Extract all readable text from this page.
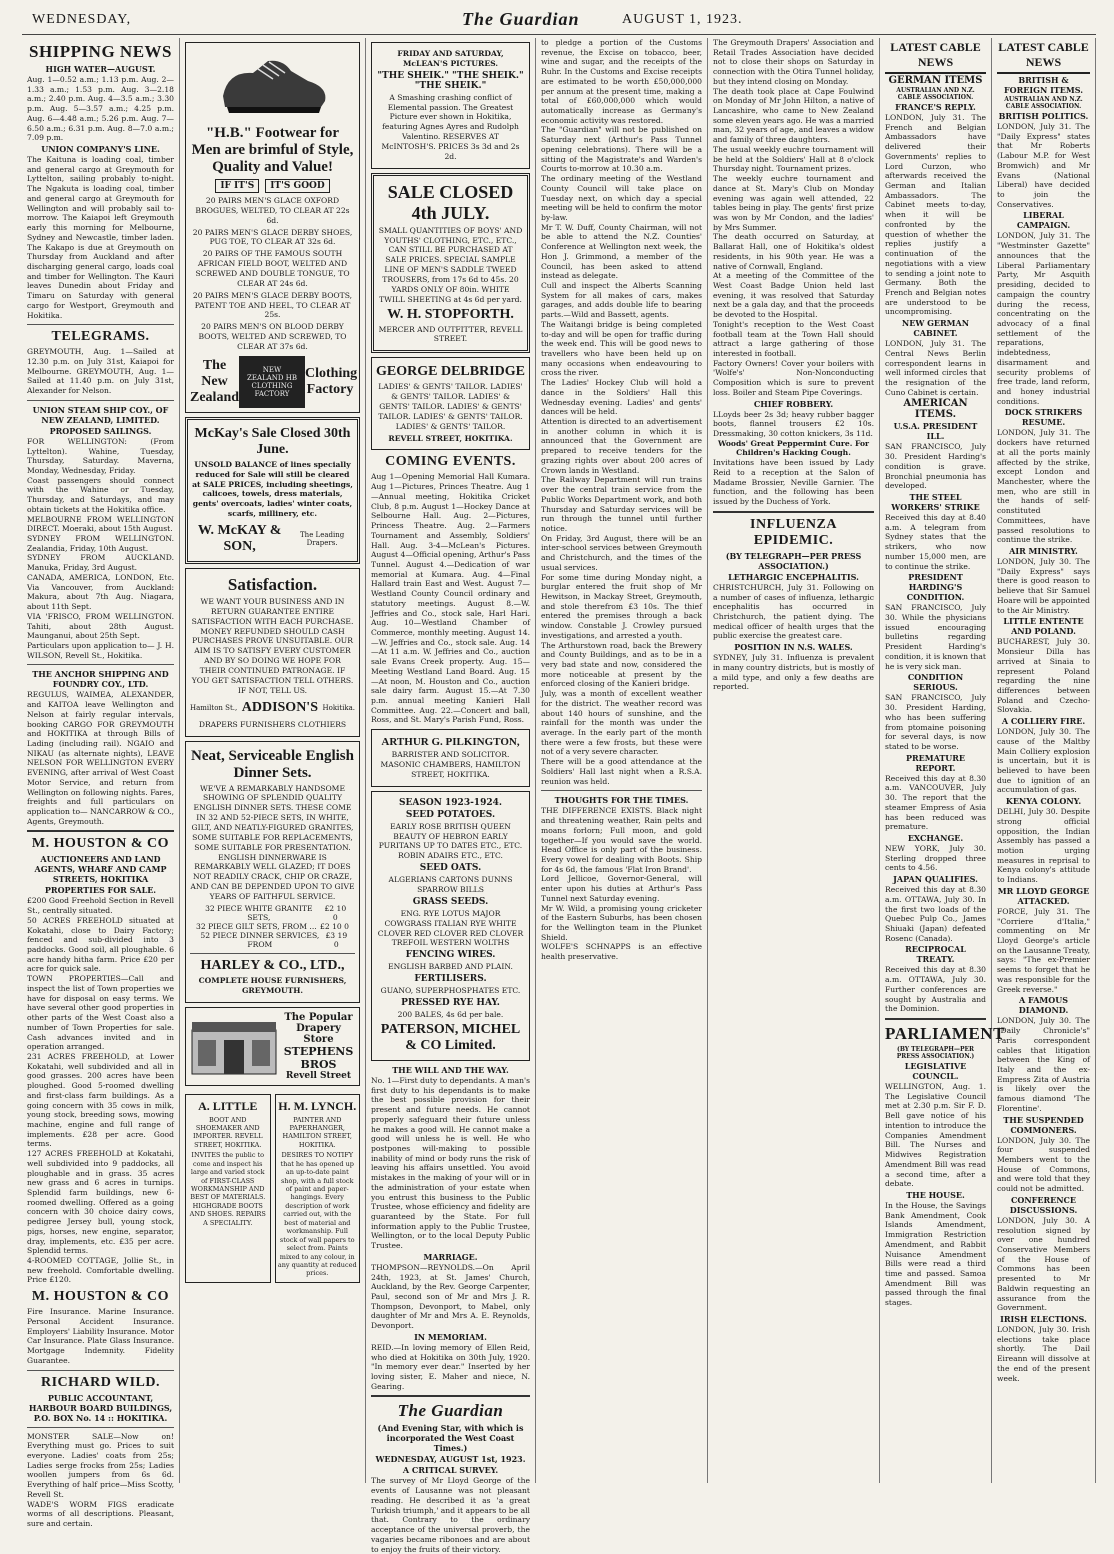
WEDNESDAY,	The Guardian	AUGUST 1, 1923.
SHIPPING NEWS
HIGH WATER—AUGUST.

Aug. 1—0.52 a.m.; 1.13 p.m. Aug. 2—1.33 a.m.; 1.53 p.m. Aug. 3—2.18 a.m.; 2.40 p.m. Aug. 4—3.5 a.m.; 3.30 p.m. Aug. 5—3.57 a.m.; 4.25 p.m. Aug. 6—4.48 a.m.; 5.26 p.m. Aug. 7—6.50 a.m.; 6.31 p.m. Aug. 8—7.0 a.m.; 7.09 p.m.

UNION COMPANY'S LINE.

The Kaituna is loading coal, timber and general cargo at Greymouth for Lyttelton, sailing probably to-night. The Ngakuta is loading coal, timber and general cargo at Greymouth for Wellington and will probably sail to-morrow. The Kaiapoi left Greymouth early this morning for Melbourne, Sydney and Newcastle, timber laden. The Kakapo is due at Greymouth on Thursday from Auckland and after discharging general cargo, loads coal and timber for Wellington. The Kauri leaves Dunedin about Friday and Timaru on Saturday with general cargo for Westport, Greymouth and Hokitika.

TELEGRAMS.

GREYMOUTH, Aug. 1—Sailed at 12.30 p.m. on July 31st, Kaiapoi for Melbourne. GREYMOUTH, Aug. 1—Sailed at 11.40 p.m. on July 31st, Alexander for Nelson.

UNION STEAM SHIP COY., OF NEW ZEALAND, LIMITED.
PROPOSED SAILINGS.

FOR WELLINGTON: (From Lyttelton). Wahine, Tuesday, Thursday, Saturday. Maverna, Monday, Wednesday, Friday.

Coast passengers should connect with the Wahine or Tuesday, Thursday, and Saturdays, and may obtain tickets at the Hokitika office.

MELBOURNE FROM WELLINGTON DIRECT. Moeraki, about 15th August.

SYDNEY FROM WELLINGTON. Zealandia, Friday, 10th August.

SYDNEY FROM AUCKLAND. Manuka, Friday, 3rd August.

CANADA, AMERICA, LONDON, Etc. Via Vancouver, from Auckland: Makura, about 7th Aug. Niagara, about 11th Sept.

VIA 'FRISCO, FROM WELLINGTON. Tahiti, about 28th August. Maunganui, about 25th Sept.

Particulars upon application to— J. H. WILSON, Revell St., Hokitika.

THE ANCHOR SHIPPING AND FOUNDRY COY., LTD.

REGULUS, WAIMEA, ALEXANDER, and KAITOA leave Wellington and Nelson at fairly regular intervals, booking CARGO FOR GREYMOUTH and HOKITIKA at through Bills of Lading (including rail). NGAIO and NIKAU (as alternate nights), LEAVE NELSON FOR WELLINGTON EVERY EVENING, after arrival of West Coast Motor Service, and return from Wellington on following nights. Fares, freights and full particulars on application to— NANCARROW & CO., Agents, Greymouth.

M. HOUSTON & CO
AUCTIONEERS AND LAND AGENTS, WHARF AND CAMP STREETS, HOKITIKA
PROPERTIES FOR SALE.

£200 Good Freehold Section in Revell St., centrally situated.

50 ACRES FREEHOLD situated at Kokatahi, close to Dairy Factory; fenced and sub-divided into 3 paddocks. Good soil, all ploughable. 6 acre handy hitha farm. Price £20 per acre for quick sale.

TOWN PROPERTIES—Call and inspect the list of Town properties we have for disposal on easy terms. We have several other good properties in other parts of the West Coast also a number of Town Properties for sale. Cash advances invited and in operation arranged.

231 ACRES FREEHOLD, at Lower Kokatahi, well subdivided and all in good grasses. 200 acres have been ploughed. Good 5-roomed dwelling and first-class farm buildings. As a going concern with 35 cows in milk, young stock, breeding sows, mowing machine, engine and full range of implements. £28 per acre. Good terms.

127 ACRES FREEHOLD at Kokatahi, well subdivided into 9 paddocks, all ploughable and in grass. 35 acres new grass and 6 acres in turnips. Splendid farm buildings, new 6-roomed dwelling. Offered as a going concern with 30 choice dairy cows, pedigree Jersey bull, young stock, pigs, horses, new engine, separator, dray, implements, etc. £35 per acre. Splendid terms.

4-ROOMED COTTAGE, Jollie St., in new freehold. Comfortable dwelling. Price £120.

M. HOUSTON & CO

Fire Insurance. Marine Insurance. Personal Accident Insurance. Employers' Liability Insurance. Motor Car Insurance. Plate Glass Insurance. Mortgage Indemnity. Fidelity Guarantee.

RICHARD WILD.
PUBLIC ACCOUNTANT, HARBOUR BOARD BUILDINGS, P.O. BOX No. 14 :: HOKITIKA.

MONSTER SALE—Now on! Everything must go. Prices to suit everyone. Ladies' coats from 25s; Ladies serge frocks from 25s; Ladies woollen jumpers from 6s 6d. Everything of half price—Miss Scotty, Revell St.

WADE'S WORM FIGS eradicate worms of all descriptions. Pleasant, sure and certain.

"H.B." Footwear for Men are brimful of Style, Quality and Value!
IF IT'S	IT'S GOOD

20 PAIRS MEN'S GLACE OXFORD BROGUES, WELTED, TO CLEAR AT 22s 6d.

20 PAIRS MEN'S GLACE DERBY SHOES, PUG TOE, TO CLEAR AT 32s 6d.

20 PAIRS OF THE FAMOUS SOUTH AFRICAN FIELD BOOT, WELTED AND SCREWED AND DOUBLE TONGUE, TO CLEAR AT 24s 6d.

20 PAIRS MEN'S GLACE DERBY BOOTS, PATENT TOE AND HEEL, TO CLEAR AT 25s.

20 PAIRS MEN'S ON BLOOD DERBY BOOTS, WELTED AND SCREWED, TO CLEAR AT 37s 6d.

The New Zealand
NEW ZEALAND HB CLOTHING FACTORY
Clothing Factory
McKay's Sale Closed 30th June.

UNSOLD BALANCE of lines specially reduced for Sale will still be cleared at SALE PRICES, including sheetings, calicoes, towels, dress materials, gents' overcoats, ladies' winter coats, scarfs, millinery, etc.

W. McKAY & SON,
The Leading Drapers.
Satisfaction.

WE WANT YOUR BUSINESS AND IN RETURN GUARANTEE ENTIRE SATISFACTION WITH EACH PURCHASE. MONEY REFUNDED SHOULD CASH PURCHASES PROVE UNSUITABLE. OUR AIM IS TO SATISFY EVERY CUSTOMER AND BY SO DOING WE HOPE FOR THEIR CONTINUED PATRONAGE. IF YOU GET SATISFACTION TELL OTHERS. IF NOT, TELL US.

Hamilton St., ADDISON'S Hokitika.
DRAPERS FURNISHERS CLOTHIERS
Neat, Serviceable English Dinner Sets.

WE'VE A REMARKABLY HANDSOME SHOWING OF SPLENDID QUALITY ENGLISH DINNER SETS. THESE COME IN 32 AND 52-PIECE SETS, IN WHITE, GILT, AND NEATLY-FIGURED GRANITES, SOME SUITABLE FOR REPLACEMENTS, SOME SUITABLE FOR PRESENTATION. ENGLISH DINNERWARE IS REMARKABLY WELL GLAZED; IT DOES NOT READILY CRACK, CHIP OR CRAZE, AND CAN BE DEPENDED UPON TO GIVE YEARS OF FAITHFUL SERVICE.

32 PIECE WHITE GRANITE SETS,
£2 10 0
32 PIECE GILT SETS, FROM ... £2 10 0
52 PIECE DINNER SERVICES, FROM
£3 19 0
HARLEY & CO., LTD.,
COMPLETE HOUSE FURNISHERS, GREYMOUTH.
The Popular
Drapery Store
STEPHENS BROS
Revell Street
A. LITTLE

BOOT AND SHOEMAKER AND IMPORTER. REVELL STREET, HOKITIKA.

INVITES the public to come and inspect his large and varied stock of FIRST-CLASS WORKMANSHIP AND BEST OF MATERIALS. HIGHGRADE BOOTS AND SHOES. REPAIRS A SPECIALITY.

H. M. LYNCH.

PAINTER AND PAPERHANGER, HAMILTON STREET, HOKITIKA.

DESIRES TO NOTIFY that he has opened up an up-to-date paint shop, with a full stock of paint and paper-hangings. Every description of work carried out, with the best of material and workmanship. Full stock of wall papers to select from. Paints mixed to any colour, in any quantity at reduced prices.

FRIDAY AND SATURDAY, McLEAN'S PICTURES.
"THE SHEIK." "THE SHEIK." "THE SHEIK."

A Smashing crashing conflict of Elemental passion. The Greatest Picture ever shown in Hokitika, featuring Agnes Ayres and Rudolph Valentino. RESERVES AT McINTOSH'S. PRICES 3s 3d and 2s 2d.

SALE CLOSED 4th JULY.

SMALL QUANTITIES OF BOYS' AND YOUTHS' CLOTHING, ETC., ETC., CAN STILL BE PURCHASED AT SALE PRICES. SPECIAL SAMPLE LINE OF MEN'S SADDLE TWEED TROUSERS, from 17s 6d to 45s. 20 YARDS ONLY OF 80in. WHITE TWILL SHEETING at 4s 6d per yard.

W. H. STOPFORTH.
MERCER AND OUTFITTER, REVELL STREET.
GEORGE DELBRIDGE

LADIES' & GENTS' TAILOR. LADIES' & GENTS' TAILOR. LADIES' & GENTS' TAILOR. LADIES' & GENTS' TAILOR. LADIES' & GENTS' TAILOR. LADIES' & GENTS' TAILOR.

REVELL STREET, HOKITIKA.
COMING EVENTS.

Aug 1—Opening Memorial Hall Kumara. Aug 1—Pictures, Princes Theatre. Aug 1—Annual meeting, Hokitika Cricket Club, 8 p.m. August 1—Hockey Dance at Selbourne Hall. Aug. 2—Pictures, Princess Theatre. Aug. 2—Farmers Tournament and Assembly, Soldiers' Hall. Aug. 3-4—McLean's Pictures. August 4—Official opening, Arthur's Pass Tunnel. August 4.—Dedication of war memorial at Kumara. Aug. 4—Final Hallard train East and West. August 7—Westland County Council ordinary and statutory meetings. August 8.—W. Jeffries and Co., stock sale, Harl Hari. Aug. 10—Westland Chamber of Commerce, monthly meeting. August 14.—W. Jeffries and Co., stock sale. Aug. 14—At 11 a.m. W. Jeffries and Co., auction sale Evans Creek property. Aug. 15—Meeting Westland Land Board. Aug. 15—At noon, M. Houston and Co., auction sale dairy farm. August 15.—At 7.30 p.m. annual meeting Kanieri Hall Committee. Aug. 22.—Concert and ball, Ross, and St. Mary's Parish Fund, Ross.

ARTHUR G. PILKINGTON,

BARRISTER AND SOLICITOR. MASONIC CHAMBERS, HAMILTON STREET, HOKITIKA.

SEASON 1923-1924.
SEED POTATOES.

EARLY ROSE BRITISH QUEEN BEAUTY OF HEBRON EARLY PURITANS UP TO DATES ETC., ETC. ROBIN ADAIRS ETC., ETC.

SEED OATS.

ALGERIANS CARTONS DUNNS SPARROW BILLS

GRASS SEEDS.

ENG. RYE LOTUS MAJOR COWGRASS ITALIAN RYE WHITE CLOVER RED CLOVER RED CLOVER TREFOIL WESTERN WOLTHS

FENCING WIRES.

ENGLISH BARBED AND PLAIN.

FERTILISERS.

GUANO, SUPERPHOSPHATES ETC.

PRESSED RYE HAY.

200 BALES, 4s 6d per bale.

PATERSON, MICHEL & CO Limited.
THE WILL AND THE WAY.

No. 1—First duty to dependants. A man's first duty to his dependants is to make the best possible provision for their present and future needs. He cannot properly safeguard their future unless he makes a good will. He cannot make a good will unless he is well. He who postpones will-making to possible inability of mind or body runs the risk of leaving his affairs unsettled. You avoid mistakes in the making of your will or in the administration of your estate when you entrust this business to the Public Trustee, whose efficiency and fidelity are guaranteed by the State. For full information apply to the Public Trustee, Wellington, or to the local Deputy Public Trustee.

MARRIAGE.

THOMPSON—REYNOLDS.—On April 24th, 1923, at St. James' Church, Auckland, by the Rev. George Carpenter, Paul, second son of Mr and Mrs J. R. Thompson, Devonport, to Mabel, only daughter of Mr and Mrs A. E. Reynolds, Devonport.

IN MEMORIAM.

REID.—In loving memory of Ellen Reid, who died at Hokitika on 30th July, 1920. "In memory ever dear." Inserted by her loving sister, E. Maher and niece, N. Gearing.

The Guardian
(And Evening Star, with which is incorporated the West Coast Times.)
WEDNESDAY, AUGUST 1st, 1923.
A CRITICAL SURVEY.

The survey of Mr Lloyd George of the events of Lausanne was not pleasant reading. He described it as 'a great Turkish triumph,' and it appears to be all that. Contrary to the ordinary acceptance of the universal proverb, the vagaries became ribonoes and are about to enjoy the fruits of their victory.

to pledge a portion of the Customs revenue, the Excise on tobacco, beer, wine and sugar, and the receipts of the Ruhr. In the Customs and Excise receipts are estimated to be worth £50,000,000 per annum at the present time, making a total of £60,000,000 which would automatically increase as Germany's economic activity was restored.

The "Guardian" will not be published on Saturday next (Arthur's Pass Tunnel opening celebrations). There will be a sitting of the Magistrate's and Warden's Courts to-morrow at 10.30 a.m.

The ordinary meeting of the Westland County Council will take place on Tuesday next, on which day a special meeting will be held to confirm the motor by-law.

Mr T. W. Duff, County Chairman, will not be able to attend the N.Z. Counties' Conference at Wellington next week, the Hon J. Grimmond, a member of the Council, has been asked to attend instead as delegate.

Cull and inspect the Alberts Scanning System for all makes of cars, makes garages, and adds double life to bearing parts.—Wild and Bassett, agents.

The Waitangi bridge is being completed to-day and will be open for traffic during the week end. This will be good news to travellers who have been held up on many occasions when endeavouring to cross the river.

The Ladies' Hockey Club will hold a dance in the Soldiers' Hall this Wednesday evening. Ladies' and gents' dances will be held.

Attention is directed to an advertisement in another column in which it is announced that the Government are prepared to receive tenders for the grazing rights over about 200 acres of Crown lands in Westland.

The Railway Department will run trains over the central train service from the Public Works Department work, and both Thursday and Saturday services will be run through the tunnel until further notice.

On Friday, 3rd August, there will be an inter-school services between Greymouth and Christchurch, and the times of the usual services.

For some time during Monday night, a burglar entered the fruit shop of Mr Hewitson, in Mackay Street, Greymouth, and stole therefrom £3 10s. The thief entered the premises through a back window. Constable J. Crowley pursued investigations, and arrested a youth.

The Arthurstown road, back the Brewery and County Buildings, and as to be in a very bad state and now, considered the more noticeable at present by the enforced closing of the Kanieri bridge.

July, was a month of excellent weather for the district. The weather record was about 140 hours of sunshine, and the rainfall for the month was under the average. In the early part of the month there were a few frosts, but these were not of a very severe character.

There will be a good attendance at the Soldiers' Hall last night when a R.S.A. reunion was held.

THOUGHTS FOR THE TIMES.

THE DIFFERENCE EXISTS. Black night and threatening weather, Rain pelts and moans forlorn; Full moon, and gold together—If you would save the world. Head Office is only part of the business. Every vowel for dealing with Boots. Ship for 4s 6d, the famous 'Flat Iron Brand'.

Lord Jellicoe, Governor-General, will enter upon his duties at Arthur's Pass Tunnel next Saturday evening.

Mr W. Wild, a promising young cricketer of the Eastern Suburbs, has been chosen for the Wellington team in the Plunket Shield.

WOLFE'S SCHNAPPS is an effective health preservative.

The Greymouth Drapers' Association and Retail Trades Association have decided not to close their shops on Saturday in connection with the Otira Tunnel holiday, but they intend closing on Monday.

The death took place at Cape Foulwind on Monday of Mr John Hilton, a native of Lancashire, who came to New Zealand some eleven years ago. He was a married man, 32 years of age, and leaves a widow and family of three daughters.

The usual weekly euchre tournament will be held at the Soldiers' Hall at 8 o'clock Thursday night. Tournament prizes.

The weekly euchre tournament and dance at St. Mary's Club on Monday evening was again well attended, 22 tables being in play. The gents' first prize was won by Mr Condon, and the ladies' by Mrs Summer.

The death occurred on Saturday, at Ballarat Hall, one of Hokitika's oldest residents, in his 90th year. He was a native of Cornwall, England.

At a meeting of the Committee of the West Coast Badge Union held last evening, it was resolved that Saturday next be a gala day, and that the proceeds be devoted to the Hospital.

Tonight's reception to the West Coast football team at the Town Hall should attract a large gathering of those interested in football.

Factory Owners! Cover your boilers with 'Wolfe's' Non-Nonconducting Composition which is sure to prevent loss. Boiler and Steam Pipe Coverings.

CHIEF ROBBERY.

LLoyds beer 2s 3d; heavy rubber bagger boots, flannel trousers £2 10s. Dressmaking, 30 cotton knickers, 3s 11d.

Woods' Great Peppermint Cure. For Children's Hacking Cough.

Invitations have been issued by Lady Reid to a reception at the Salon of Madame Brossier, Neville Garnier. The function, and the following has been issued by the Duchess of York.

INFLUENZA EPIDEMIC.
(BY TELEGRAPH—PER PRESS ASSOCIATION.)
LETHARGIC ENCEPHALITIS.

CHRISTCHURCH, July 31. Following on a number of cases of influenza, lethargic encephalitis has occurred in Christchurch, the patient dying. The medical officer of health urges that the public exercise the greatest care.

POSITION IN N.S. WALES.

SYDNEY, July 31. Influenza is prevalent in many country districts, but is mostly of a mild type, and only a few deaths are reported.

LATEST CABLE NEWS
GERMAN ITEMS
AUSTRALIAN AND N.Z. CABLE ASSOCIATION.
FRANCE'S REPLY.

LONDON, July 31. The French and Belgian Ambassadors have delivered their Governments' replies to Lord Curzon, who afterwards received the German and Italian Ambassadors. The Cabinet meets to-day, when it will be confronted by the question of whether the replies justify a continuation of the negotiations with a view to sending a joint note to Germany. Both the French and Belgian notes are understood to be uncompromising.

NEW GERMAN CABINET.

LONDON, July 31. The Central News Berlin correspondent learns in well informed circles that the resignation of the Cuno Cabinet is certain.

AMERICAN ITEMS.
U.S.A. PRESIDENT ILL.

SAN FRANCISCO, July 30. President Harding's condition is grave. Bronchial pneumonia has developed.

THE STEEL WORKERS' STRIKE

Received this day at 8.40 a.m. A telegram from Sydney states that the strikers, who now number 15,000 men, are to continue the strike.

PRESIDENT HARDING'S CONDITION.

SAN FRANCISCO, July 30. While the physicians issued encouraging bulletins regarding President Harding's condition, it is known that he is very sick man.

CONDITION SERIOUS.

SAN FRANCISCO, July 30. President Harding, who has been suffering from ptomaine poisoning for several days, is now stated to be worse.

PREMATURE REPORT.

Received this day at 8.30 a.m. VANCOUVER, July 30. The report that the steamer Empress of Asia has been reduced was premature.

EXCHANGE.

NEW YORK, July 30. Sterling dropped three cents to 4.56.

JAPAN QUALIFIES.

Received this day at 8.30 a.m. OTTAWA, July 30. In the first two loads of the Quebec Pulp Co., James Shiuaki (Japan) defeated Rosenc (Canada).

RECIPROCAL TREATY.

Received this day at 8.30 a.m. OTTAWA, July 30. Further conferences are sought by Australia and the Dominion.

PARLIAMENT
(BY TELEGRAPH—PER PRESS ASSOCIATION.)
LEGISLATIVE COUNCIL.

WELLINGTON, Aug. 1. The Legislative Council met at 2.30 p.m. Sir F. D. Bell gave notice of his intention to introduce the Companies Amendment Bill. The Nurses and Midwives Registration Amendment Bill was read a second time, after a debate.

THE HOUSE.

In the House, the Savings Bank Amendment, Cook Islands Amendment, Immigration Restriction Amendment, and Rabbit Nuisance Amendment Bills were read a third time and passed. Samoa Amendment Bill was passed through the final stages.

LATEST CABLE NEWS
BRITISH & FOREIGN ITEMS.
AUSTRALIAN AND N.Z. CABLE ASSOCIATION.
BRITISH POLITICS.

LONDON, July 31. The "Daily Express" states that Mr Roberts (Labour M.P. for West Bromwich) and Mr Evans (National Liberal) have decided to join the Conservatives.

LIBERAL CAMPAIGN.

LONDON, July 31. The "Westminster Gazette" announces that the Liberal Parliamentary Party, Mr Asquith presiding, decided to campaign the country during the recess, concentrating on the advocacy of a final settlement of the reparations, indebtedness, disarmament and security problems of free trade, land reform, and honey industrial conditions.

DOCK STRIKERS RESUME.

LONDON, July 31. The dockers have returned at all the ports mainly affected by the strike, except London and Manchester, where the men, who are still in the hands of self-constituted Committees, have passed resolutions to continue the strike.

AIR MINISTRY.

LONDON, July 30. The "Daily Express" says there is good reason to believe that Sir Samuel Hoare will be appointed to the Air Ministry.

LITTLE ENTENTE AND POLAND.

BUCHAREST, July 30. Monsieur Dilla has arrived at Sinaia to represent Poland regarding the nine differences between Poland and Czecho-Slovakia.

A COLLIERY FIRE.

LONDON, July 30. The cause of the Maltby Main Colliery explosion is uncertain, but it is believed to have been due to ignition of an accumulation of gas.

KENYA COLONY.

DELHI, July 30. Despite strong official opposition, the Indian Assembly has passed a motion urging measures in reprisal to Kenya colony's attitude to Indians.

MR LLOYD GEORGE ATTACKED.

FORCE, July 31. The "Corriere d'Italia," commenting on Mr Lloyd George's article on the Lausanne Treaty, says: "The ex-Premier seems to forget that he was responsible for the Greek reverse."

A FAMOUS DIAMOND.

LONDON, July 30. The "Daily Chronicle's" Paris correspondent cables that litigation between the King of Italy and the ex-Empress Zita of Austria is likely over the famous diamond 'The Florentine'.

THE SUSPENDED COMMONERS.

LONDON, July 30. The four suspended Members went to the House of Commons, and were told that they could not be admitted.

CONFERENCE DISCUSSIONS.

LONDON, July 30. A resolution signed by over one hundred Conservative Members of the House of Commons has been presented to Mr Baldwin requesting an assurance from the Government.

IRISH ELECTIONS.

LONDON, July 30. Irish elections take place shortly. The Dail Eireann will dissolve at the end of the present week.
